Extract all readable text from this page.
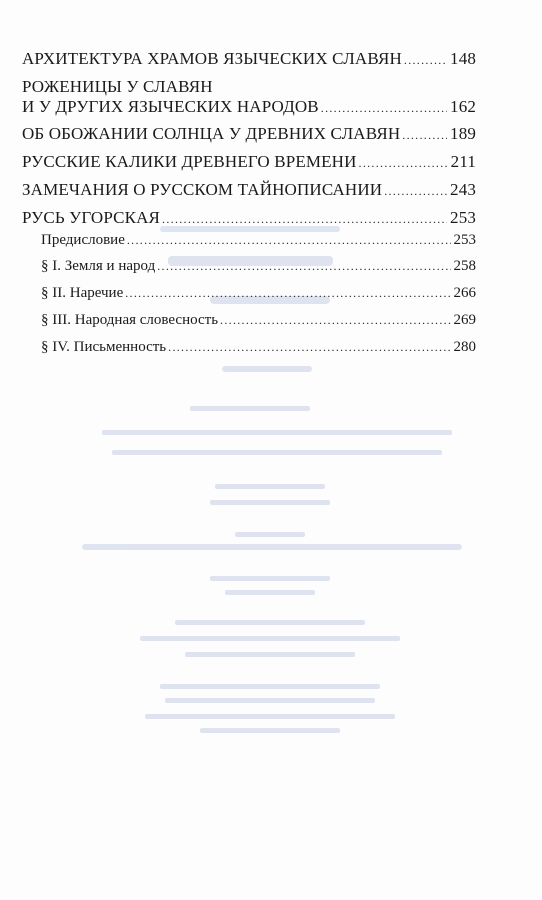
АРХИТЕКТУРА ХРАМОВ ЯЗЫЧЕСКИХ СЛАВЯН .....	148
РОЖЕНИЦЫ У СЛАВЯН
И У ДРУГИХ ЯЗЫЧЕСКИХ НАРОДОВ .....	162
ОБ ОБОЖАНИИ СОЛНЦА У ДРЕВНИХ СЛАВЯН .....	189
РУССКИЕ КАЛИКИ ДРЕВНЕГО ВРЕМЕНИ .....	211
ЗАМЕЧАНИЯ О РУССКОМ ТАЙНОПИСАНИИ .....	243
РУСЬ УГОРСКАЯ .....	253
Предисловие .....	253
§ I. Земля и народ .....	258
§ II. Наречие .....	266
§ III. Народная словесность .....	269
§ IV. Письменность .....	280
